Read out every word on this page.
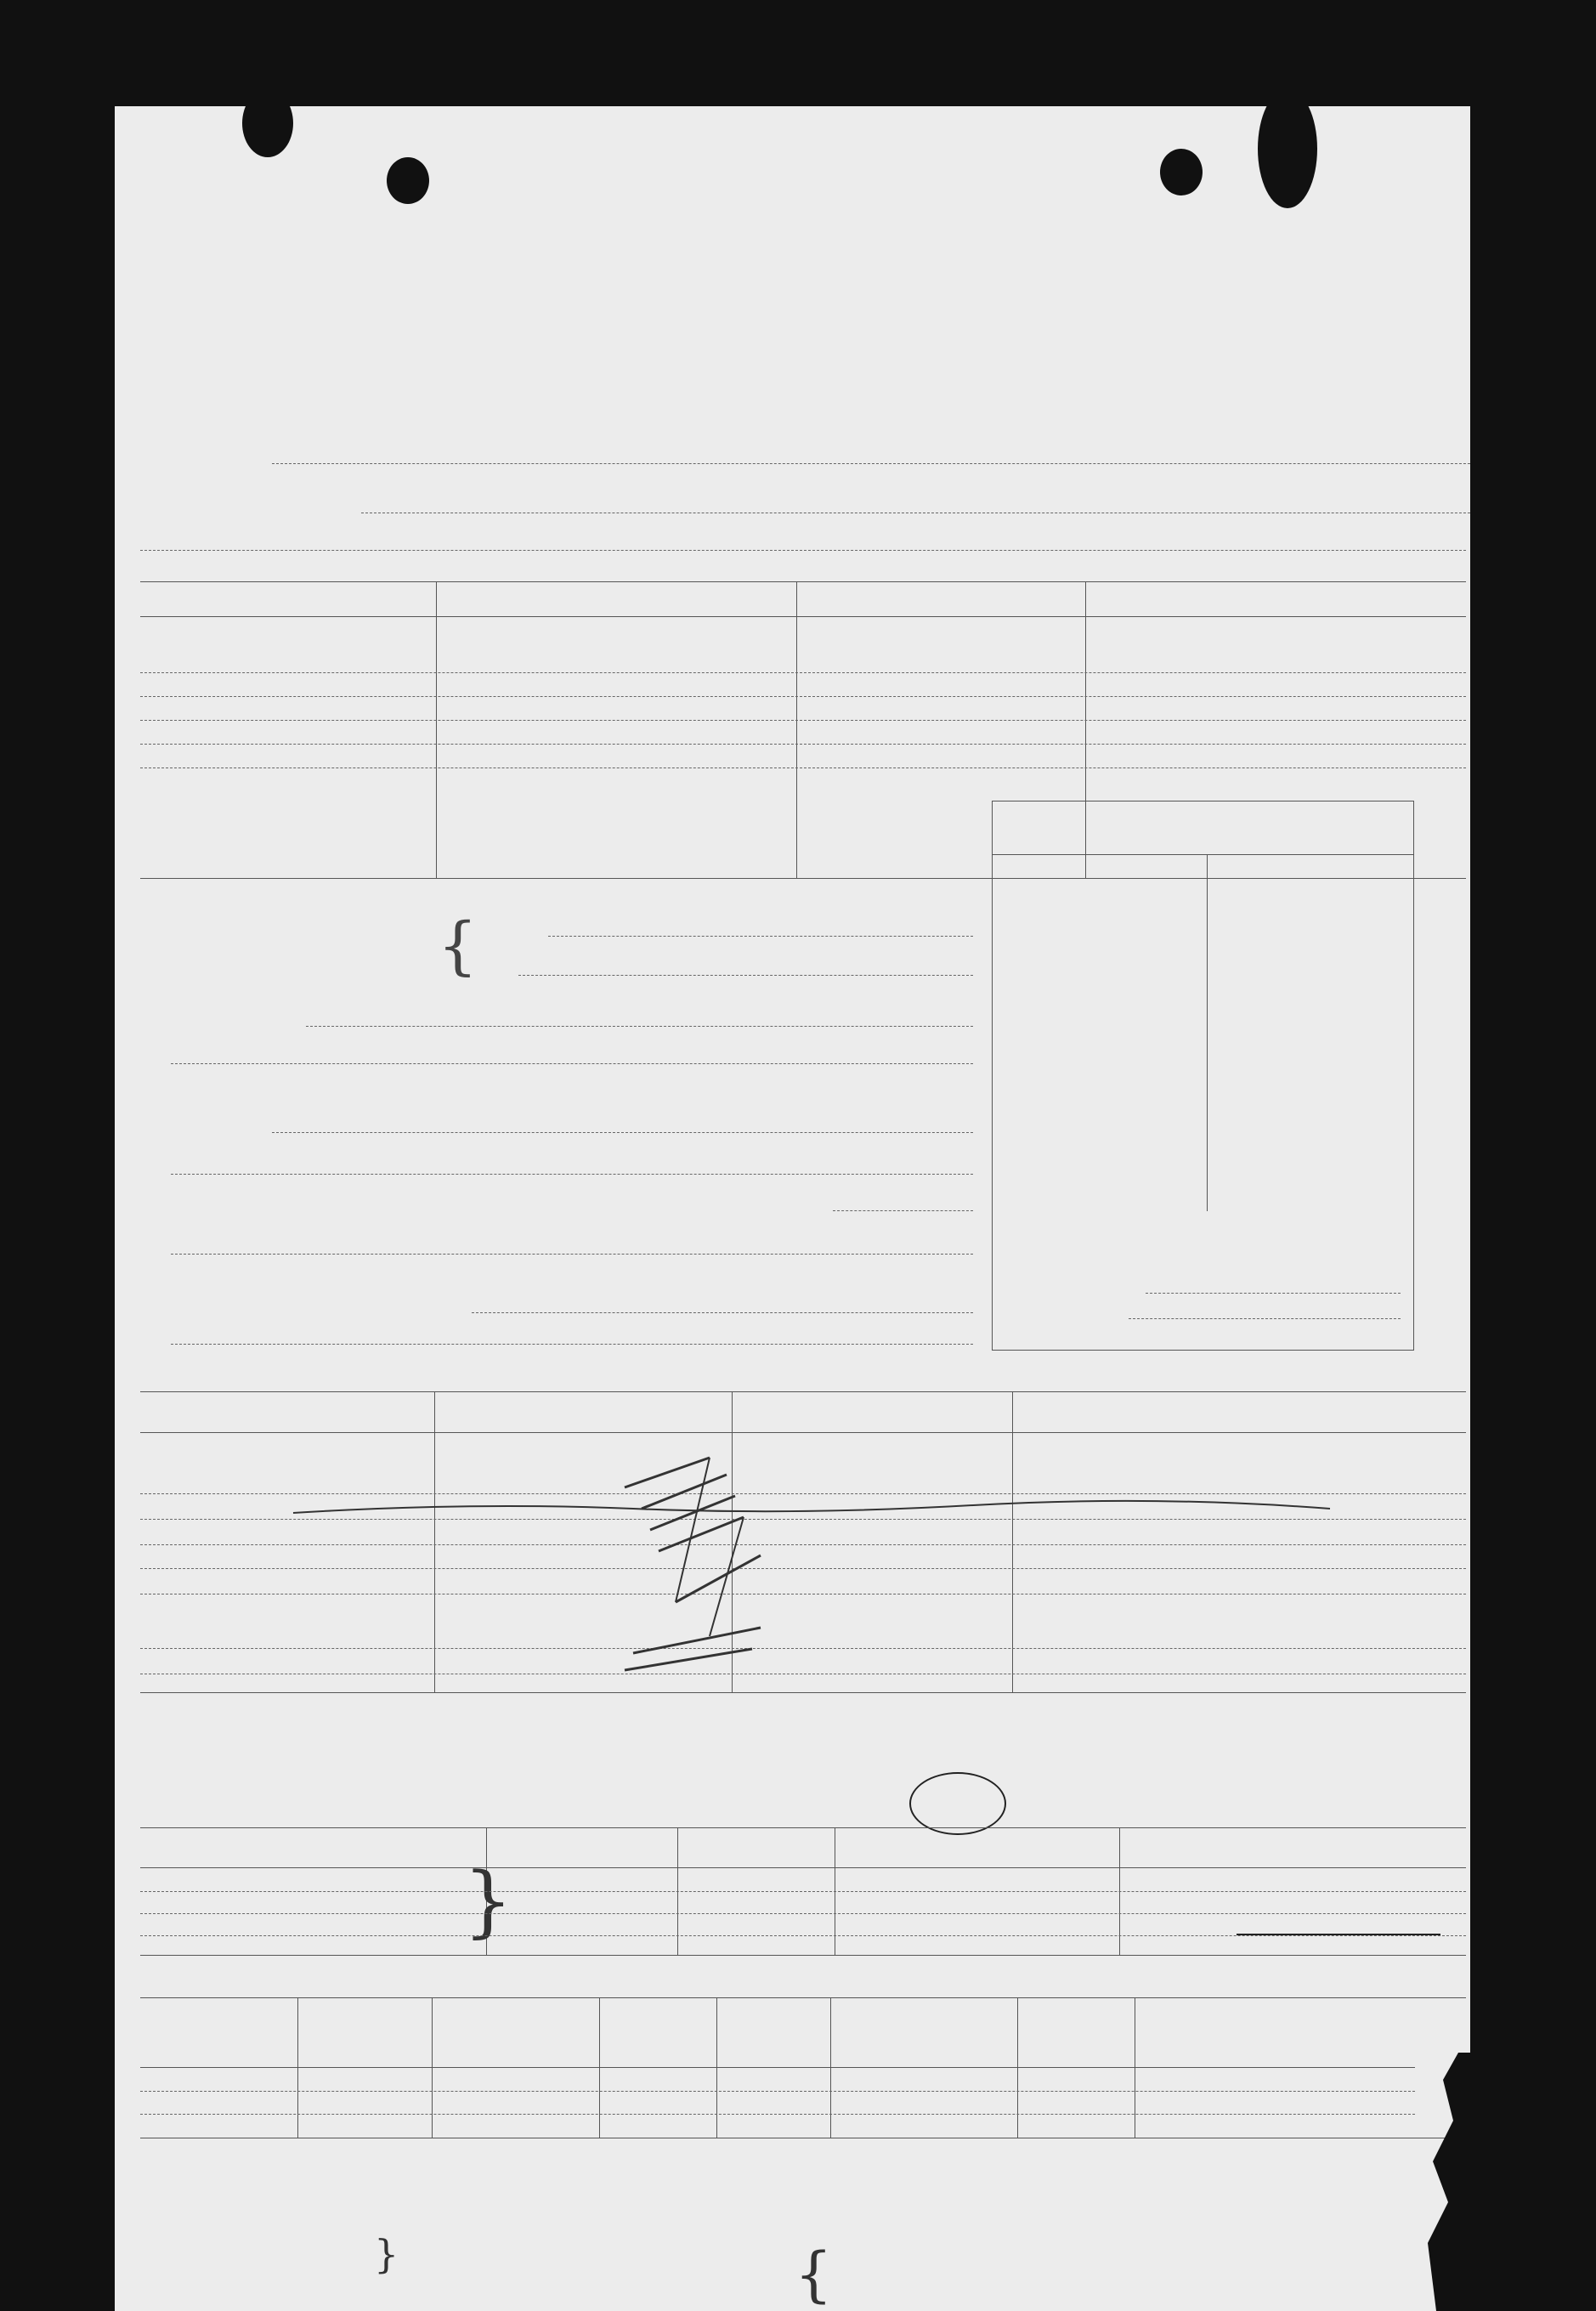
{
}
}	{
